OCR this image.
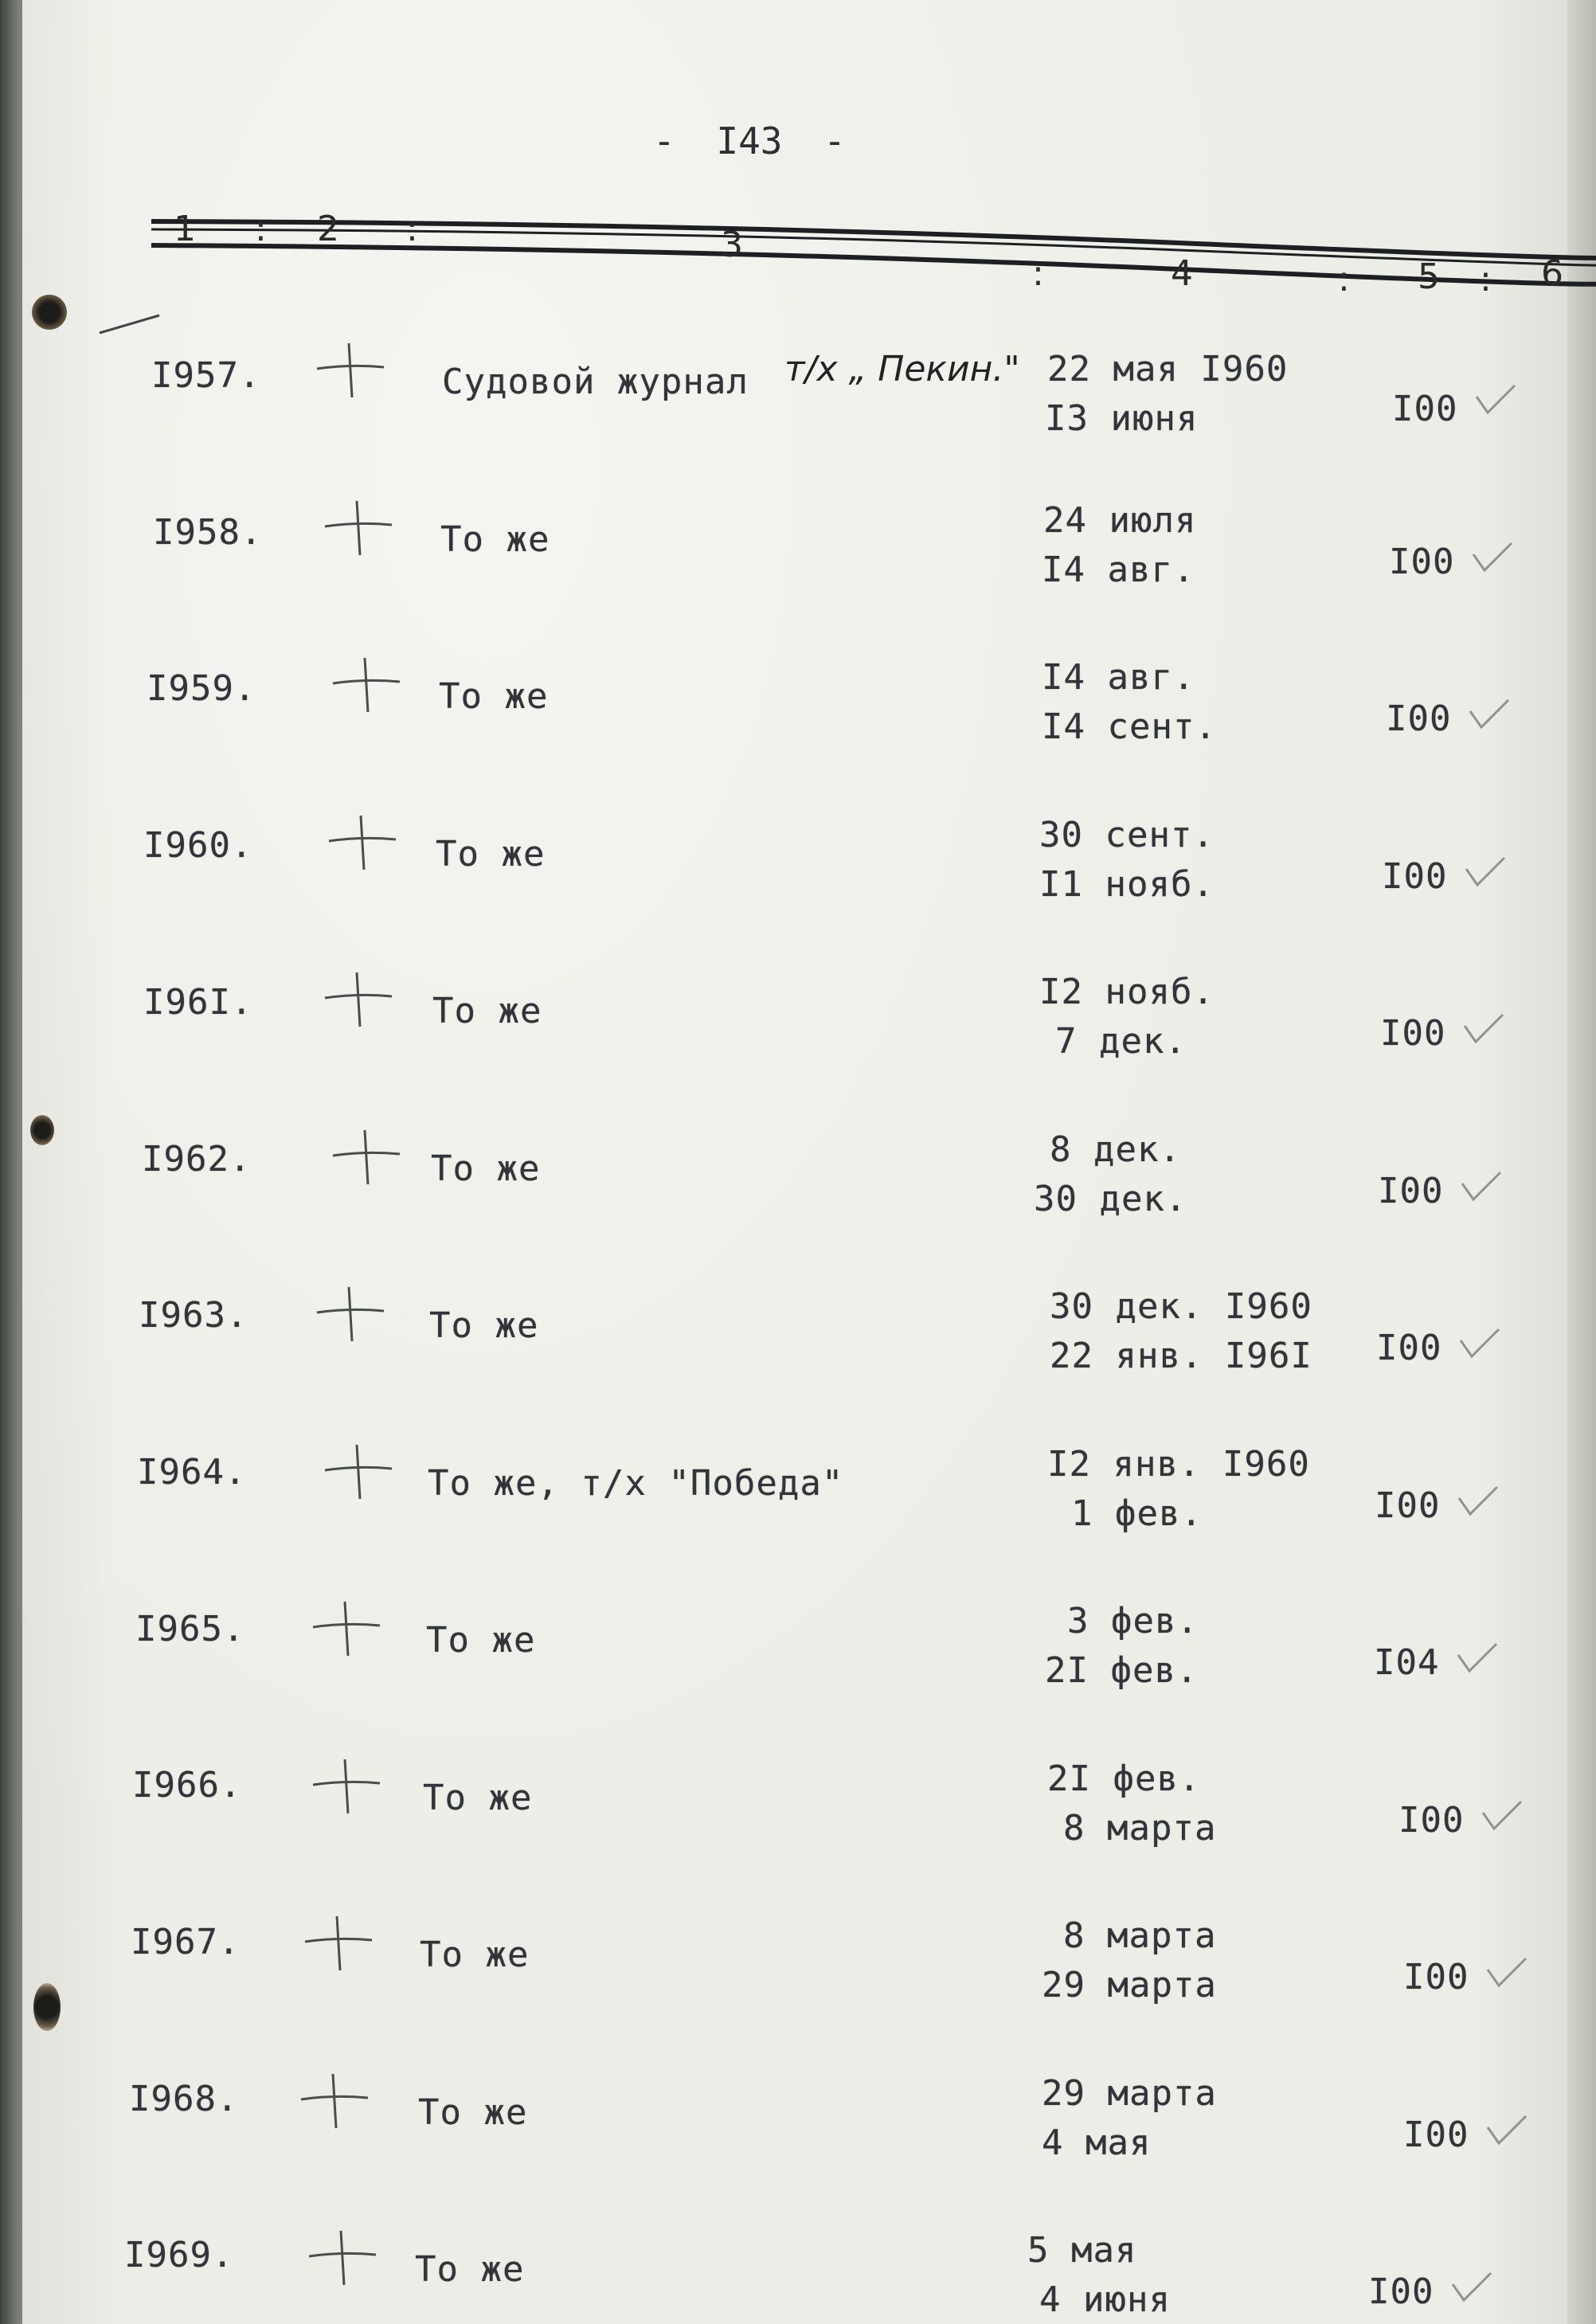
- I43 -
1 : 2 :	3
:	4	: 5 : 6
I957.	Судовой журнал т/х „ Пекин." 22 мая I960
I3 июня	I00
I958.	То же	24 июля
I4 авг.	I00
I959.	То же	I4 авг.
I4 сент.	I00
I960.	То же	30 сент.
I1 нояб.	I00
I96I.	То же	I2 нояб.
7 дек.	I00
I962.	То же	8 дек.
30 дек.	I00
I963.	То же	30 дек. I960
22 янв. I96I I00
I964.	То же, т/х "Победа"	I2 янв. I960
1 фев.	I00
I965.	То же	3 фев.
2I фев.	I04
I966.	То же	2I фев.
8 марта	I00
I967.	То же	8 марта
29 марта	I00
I968.	То же	29 марта
4 мая	I00
I969.	То же	5 мая
4 июня	I00
